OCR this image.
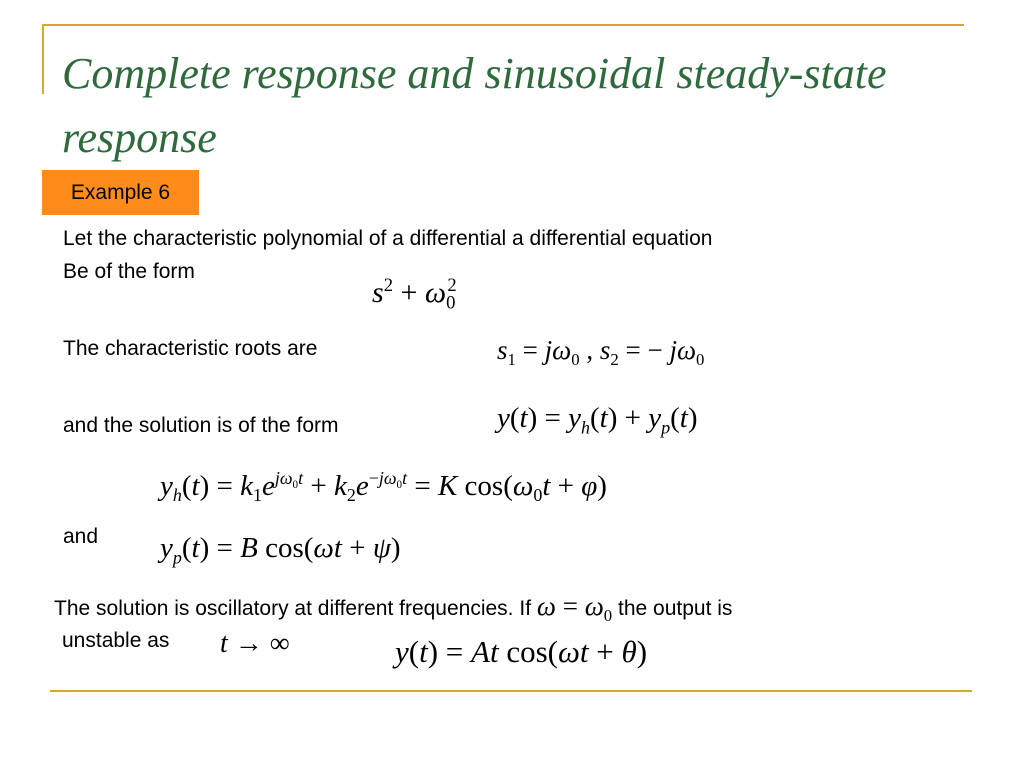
Complete response and sinusoidal steady-state response
Example 6
Let the characteristic polynomial of a differential a differential equation
Be of the form
$s^2 + \omega_0^2$
The characteristic roots are	$s_1 = j\omega_0$ , $s_2$ = − $j\omega_0$
and the solution is of the form	$y(t) = y_h(t) + y_p(t)$
$y_h(t) = k_1e^{j\omega_0t} + k_2e^{-j\omega_0t} = K$ $\cos(\omega_0t + \varphi)$
and $y_p(t) = B$ cos(ωt + ψ)
The solution is oscillatory at different frequencies. If $\omega = \omega_0$ the output is
unstable as t → ∞	y(t) = At cos(ωt + θ)
